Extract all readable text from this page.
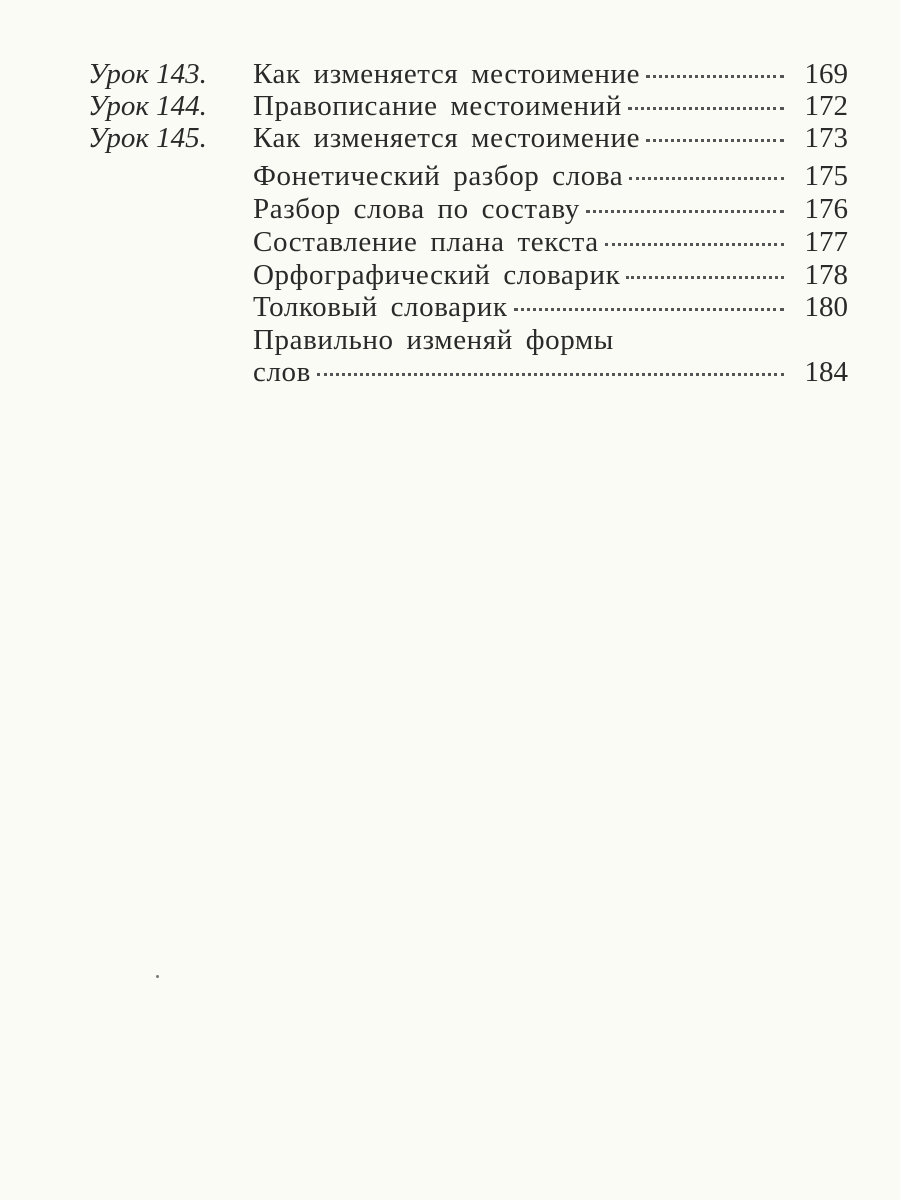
Урок 143. Как изменяется местоимение	169
Урок 144. Правописание местоимений	172
Урок 145. Как изменяется местоимение	173
Фонетический разбор слова	175
Разбор слова по составу	176
Составление плана текста	177
Орфографический словарик	178
Толковый словарик	180
Правильно изменяй формы
слов	184
